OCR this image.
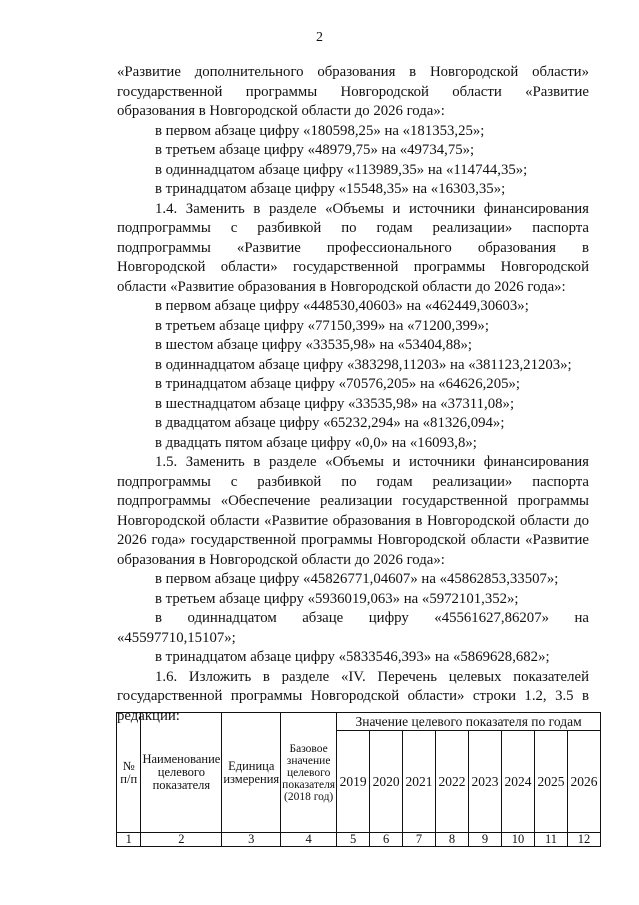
2

«Развитие дополнительного образования в Новгородской области» государственной программы Новгородской области «Развитие образования в Новгородской области до 2026 года»:

в первом абзаце цифру «180598,25» на «181353,25»;

в третьем абзаце цифру «48979,75» на «49734,75»;

в одиннадцатом абзаце цифру «113989,35» на «114744,35»;

в тринадцатом абзаце цифру «15548,35» на «16303,35»;

1.4. Заменить в разделе «Объемы и источники финансирования подпрограммы с разбивкой по годам реализации» паспорта подпрограммы «Развитие профессионального образования в Новгородской области» государственной программы Новгородской области «Развитие образования в Новгородской области до 2026 года»:

в первом абзаце цифру «448530,40603» на «462449,30603»;

в третьем абзаце цифру «77150,399» на «71200,399»;

в шестом абзаце цифру «33535,98» на «53404,88»;

в одиннадцатом абзаце цифру «383298,11203» на «381123,21203»;

в тринадцатом абзаце цифру «70576,205» на «64626,205»;

в шестнадцатом абзаце цифру «33535,98» на «37311,08»;

в двадцатом абзаце цифру «65232,294» на «81326,094»;

в двадцать пятом абзаце цифру «0,0» на «16093,8»;

1.5. Заменить в разделе «Объемы и источники финансирования подпрограммы с разбивкой по годам реализации» паспорта подпрограммы «Обеспечение реализации государственной программы Новгородской области «Развитие образования в Новгородской области до 2026 года» государственной программы Новгородской области «Развитие образования в Новгородской области до 2026 года»:

в первом абзаце цифру «45826771,04607» на «45862853,33507»;

в третьем абзаце цифру «5936019,063» на «5972101,352»;

в одиннадцатом абзаце цифру «45561627,86207» на «45597710,15107»;

в тринадцатом абзаце цифру «5833546,393» на «5869628,682»;

1.6. Изложить в разделе «IV. Перечень целевых показателей государственной программы Новгородской области» строки 1.2, 3.5 в редакции:

№ п/п	Наименование целевого показателя	Единица измерения	Базовое значение целевого показателя (2018 год)	Значение целевого показателя по годам							
				2019	2020	2021	2022	2023	2024	2025	2026
1	2	3	4	5	6	7	8	9	10	11	12
